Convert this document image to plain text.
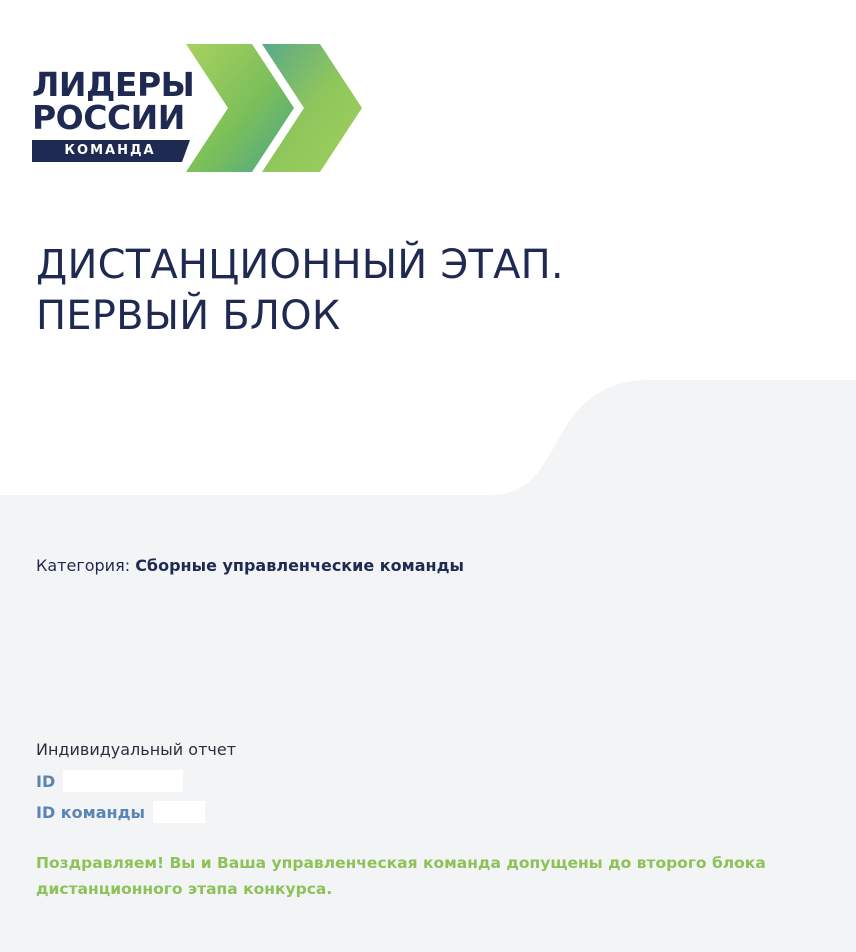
ЛИДЕРЫ
РОССИИ
КОМАНДА
ДИСТАНЦИОННЫЙ ЭТАП.
ПЕРВЫЙ БЛОК
Категория: Сборные управленческие команды
Индивидуальный отчет
ID
ID команды

Поздравляем! Вы и Ваша управленческая команда допущены до второго блока дистанционного этапа конкурса.
